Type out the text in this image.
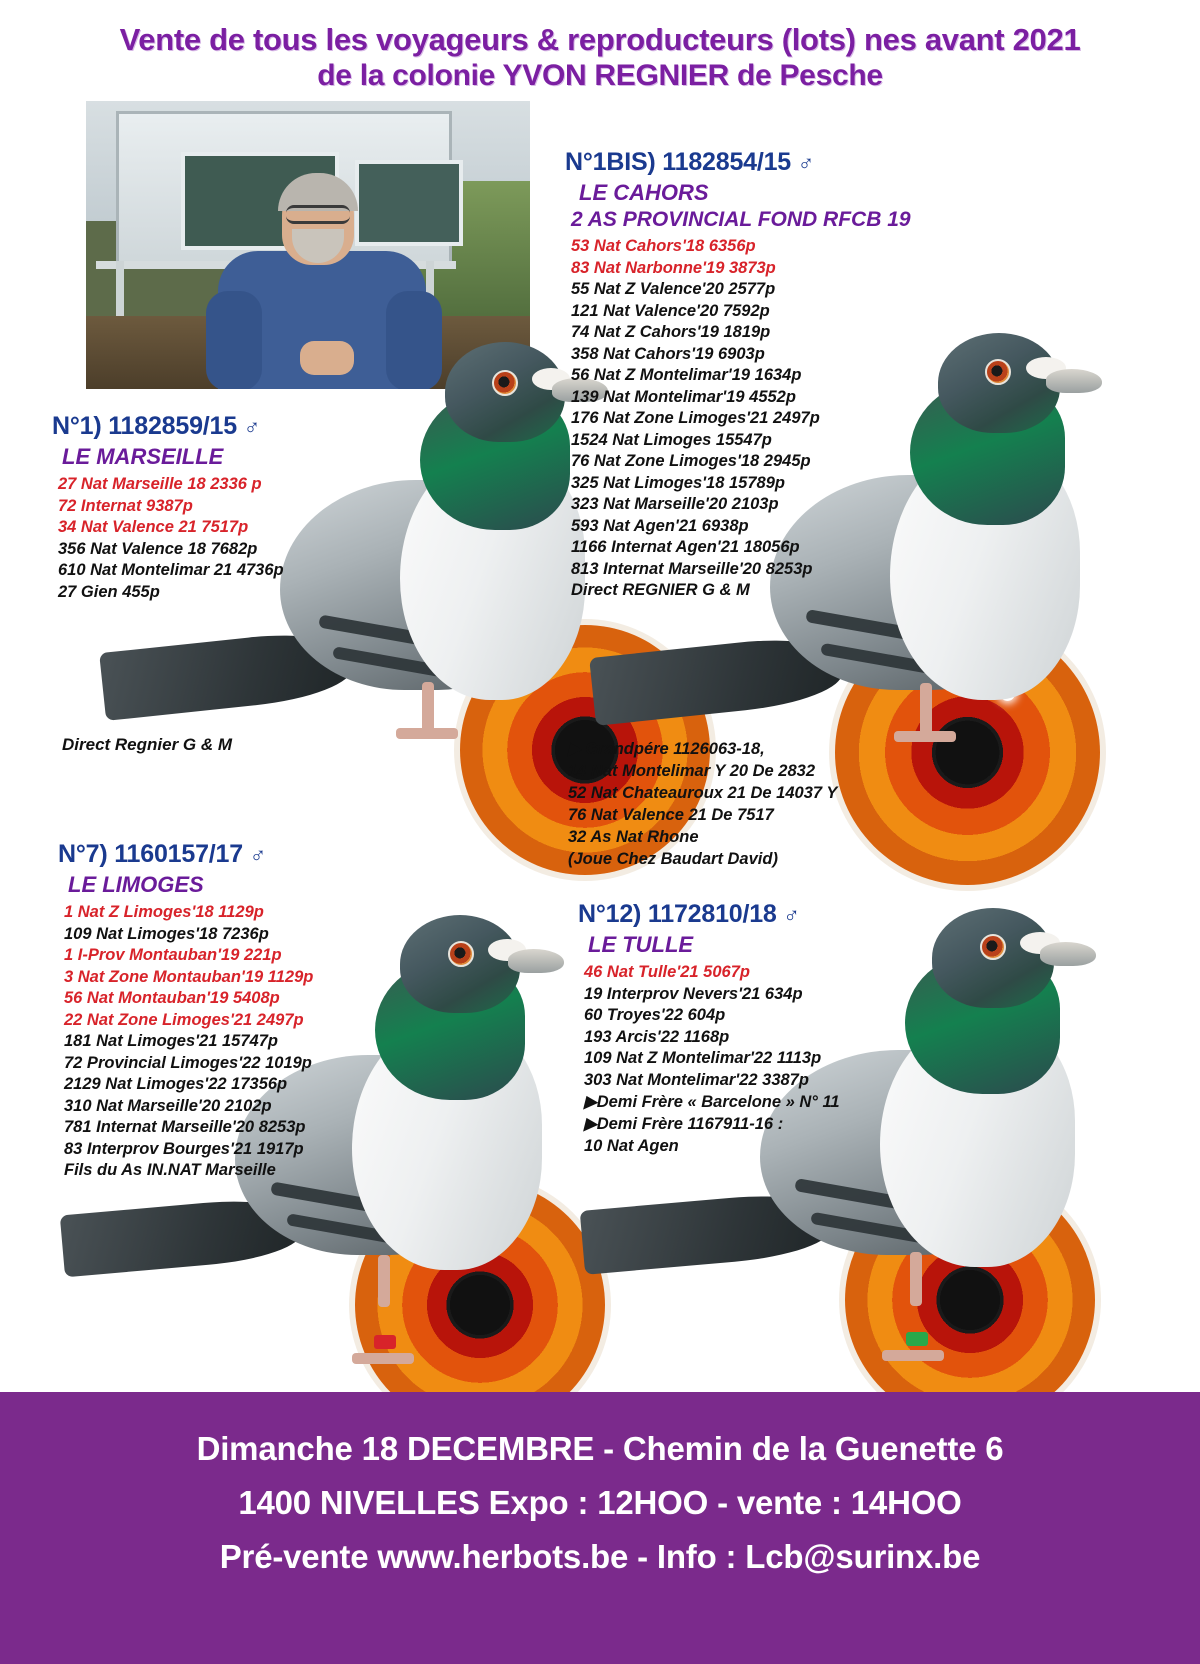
Vente de tous les voyageurs & reproducteurs (lots) nes avant 2021
de la colonie YVON REGNIER de Pesche
N°1BIS) 1182854/15 ♂
LE CAHORS
2 AS PROVINCIAL FOND RFCB 19
53 Nat Cahors'18 6356p
83 Nat Narbonne'19 3873p
55 Nat Z Valence'20 2577p
121 Nat Valence'20 7592p
74 Nat Z Cahors'19 1819p
358 Nat Cahors'19 6903p
56 Nat Z Montelimar'19 1634p
139 Nat Montelimar'19 4552p
176 Nat Zone Limoges'21 2497p
1524 Nat Limoges 15547p
76 Nat Zone Limoges'18 2945p
325 Nat Limoges'18 15789p
323 Nat Marseille'20 2103p
593 Nat Agen'21 6938p
1166 Internat Agen'21 18056p
813 Internat Marseille'20 8253p
Direct REGNIER G & M
N°1) 1182859/15 ♂
LE MARSEILLE
27 Nat Marseille 18 2336 p
72 Internat 9387p
34 Nat Valence 21 7517p
356 Nat Valence 18 7682p
610 Nat Montelimar 21 4736p
27 Gien 455p
Direct Regnier G & M	▶ Grandpére 1126063-18,
14 Nat Montelimar Y 20 De 2832
52 Nat Chateauroux 21 De 14037 Y
76 Nat Valence 21 De 7517
32 As Nat Rhone
(Joue Chez Baudart David)
N°7) 1160157/17 ♂
LE LIMOGES
1 Nat Z Limoges'18 1129p
109 Nat Limoges'18 7236p
1 I-Prov Montauban'19 221p
3 Nat Zone Montauban'19 1129p
56 Nat Montauban'19 5408p
22 Nat Zone Limoges'21 2497p
181 Nat Limoges'21 15747p
72 Provincial Limoges'22 1019p
2129 Nat Limoges'22 17356p
310 Nat Marseille'20 2102p
781 Internat Marseille'20 8253p
83 Interprov Bourges'21 1917p
Fils du As IN.NAT Marseille
N°12) 1172810/18 ♂
LE TULLE
46 Nat Tulle'21 5067p
19 Interprov Nevers'21 634p
60 Troyes'22 604p
193 Arcis'22 1168p
109 Nat Z Montelimar'22 1113p
303 Nat Montelimar'22 3387p
▶Demi Frère « Barcelone » N° 11
▶Demi Frère 1167911-16 :
10 Nat Agen
Dimanche 18 DECEMBRE - Chemin de la Guenette 6
1400 NIVELLES Expo : 12HOO - vente : 14HOO
Pré-vente www.herbots.be - Info : Lcb@surinx.be
